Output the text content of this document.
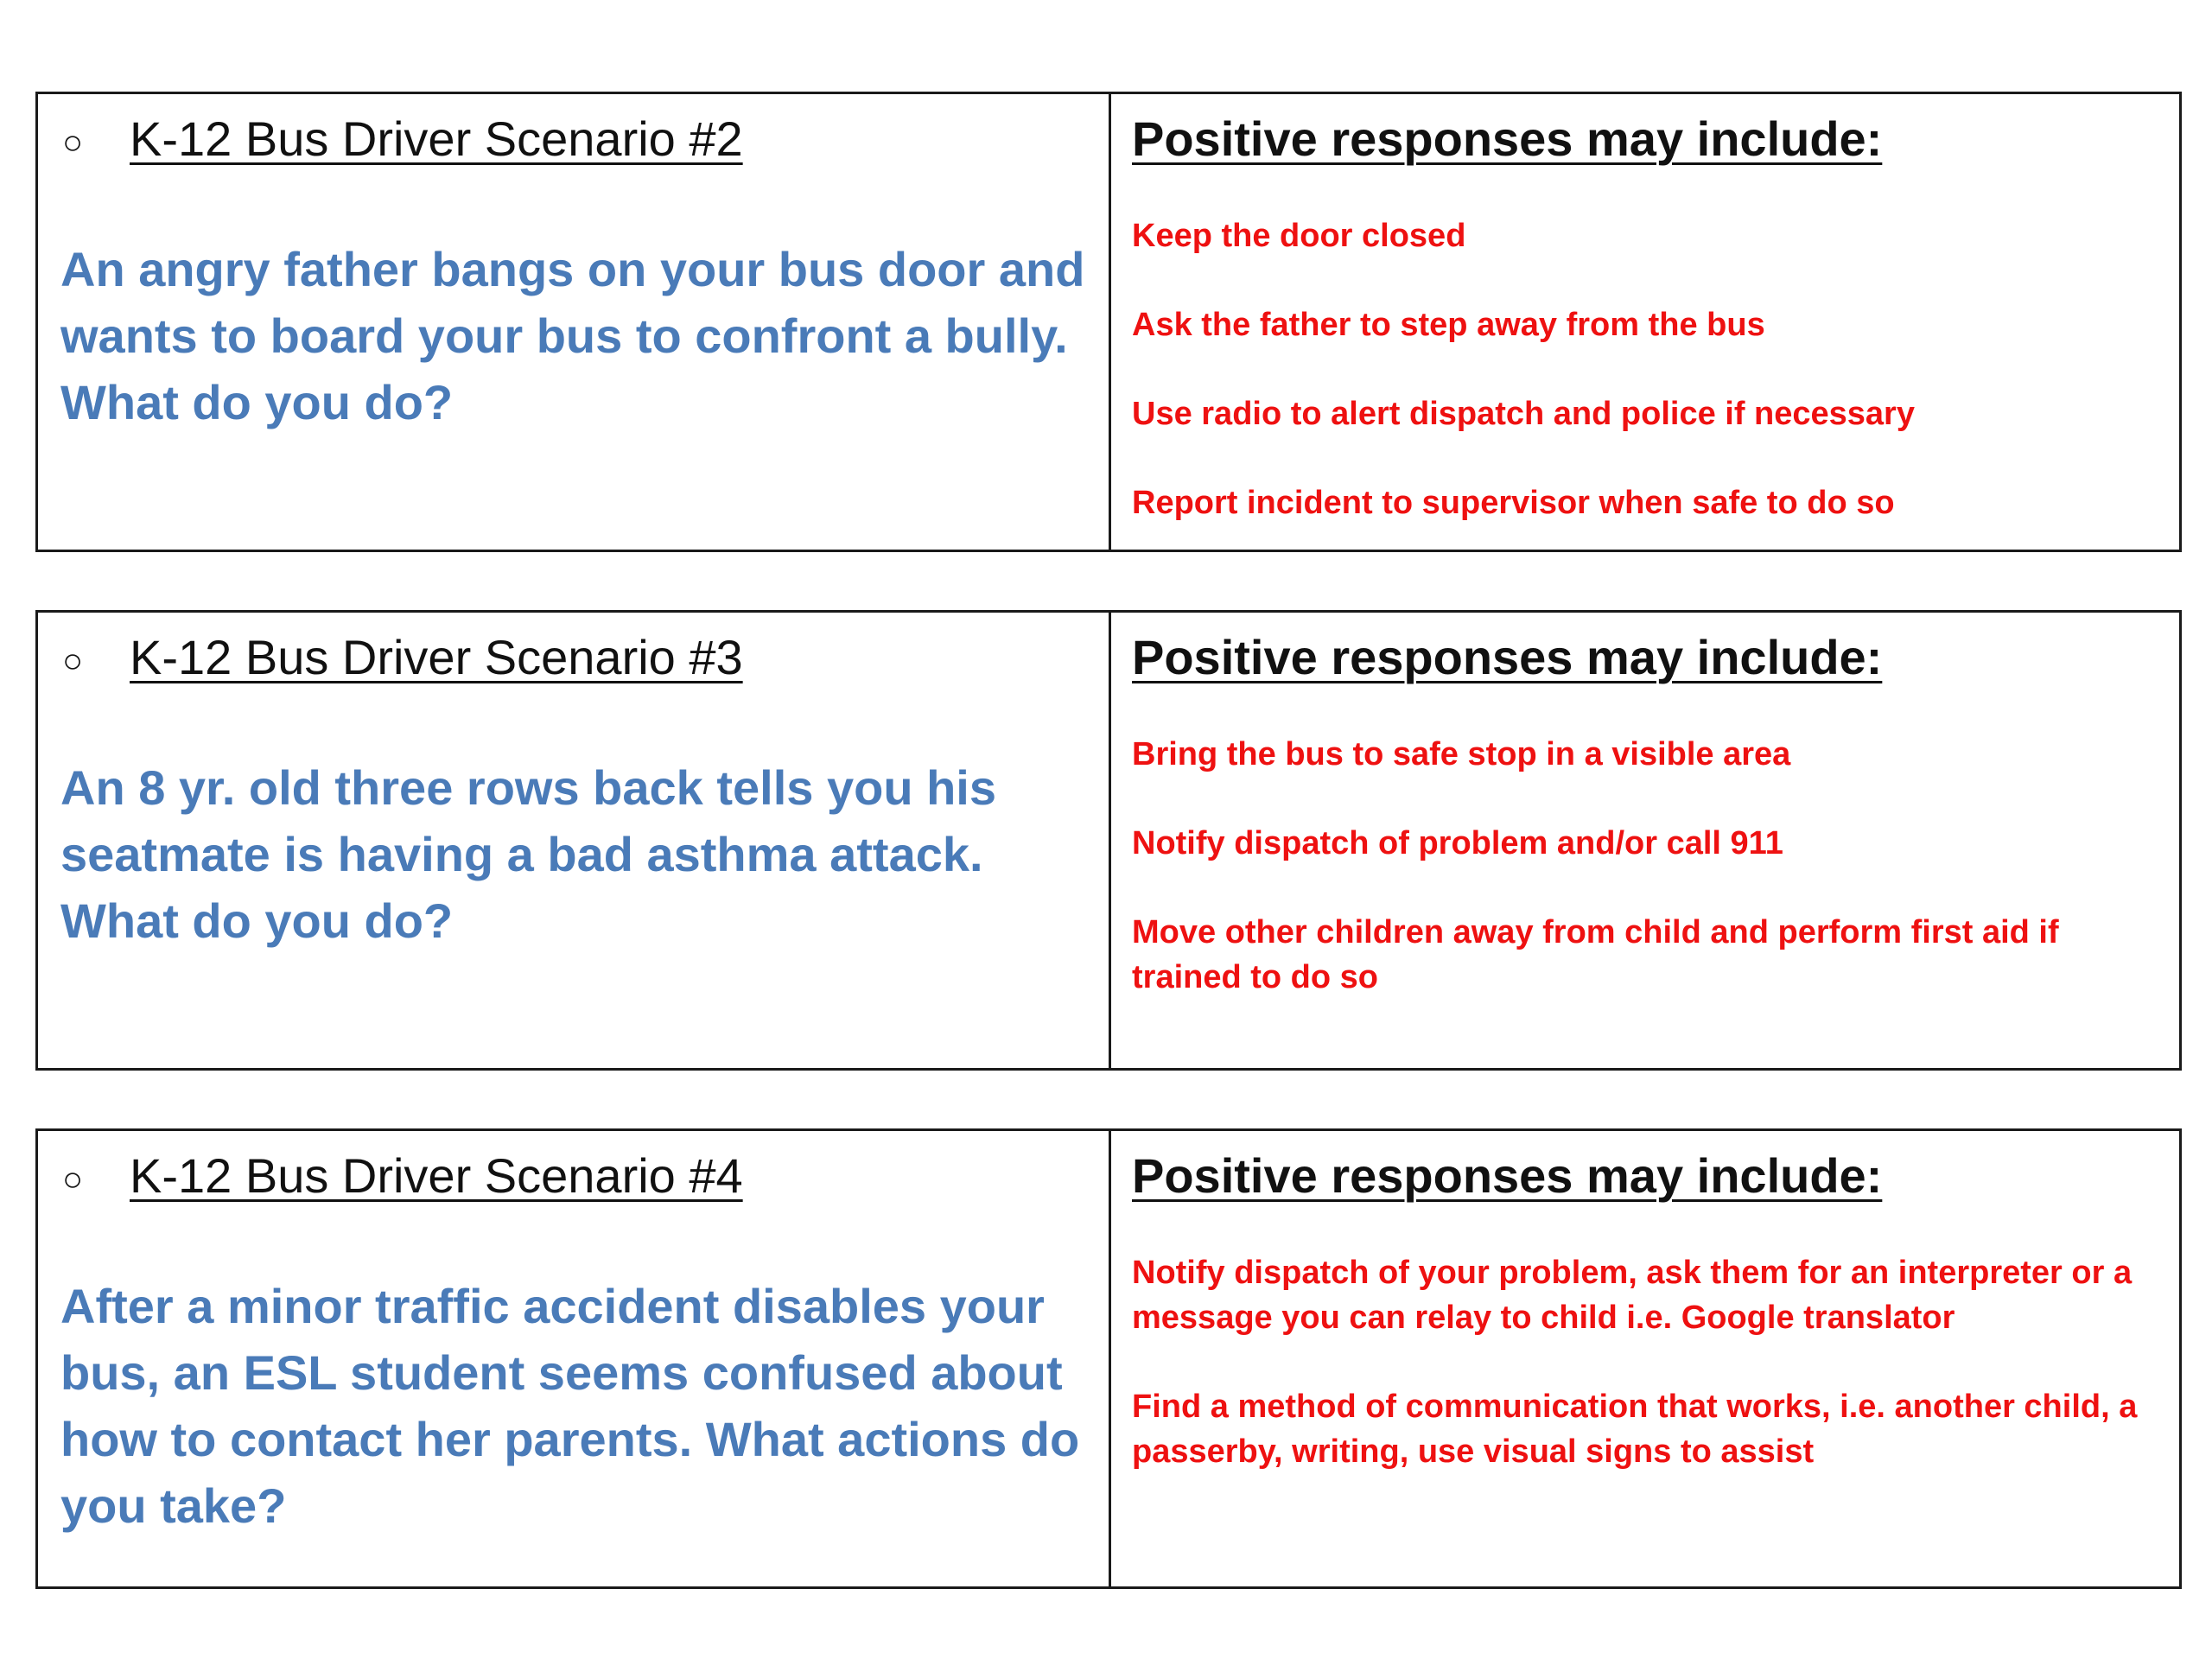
○ K-12 Bus Driver Scenario #2
An angry father bangs on your bus door and wants to board your bus to confront a bully. What do you do?
Positive responses may include:
Keep the door closed
Ask the father to step away from the bus
Use radio to alert dispatch and police if necessary
Report incident to supervisor when safe to do so
○ K-12 Bus Driver Scenario #3
An 8 yr. old three rows back tells you his seatmate is having a bad asthma attack. What do you do?
Positive responses may include:
Bring the bus to safe stop in a visible area
Notify dispatch of problem and/or call 911
Move other children away from child and perform first aid if trained to do so
○ K-12 Bus Driver Scenario #4
After a minor traffic accident disables your bus, an ESL student seems confused about how to contact her parents. What actions do you take?
Positive responses may include:
Notify dispatch of your problem, ask them for an interpreter or a message you can relay to child i.e. Google translator
Find a method of communication that works, i.e. another child, a passerby, writing, use visual signs to assist
